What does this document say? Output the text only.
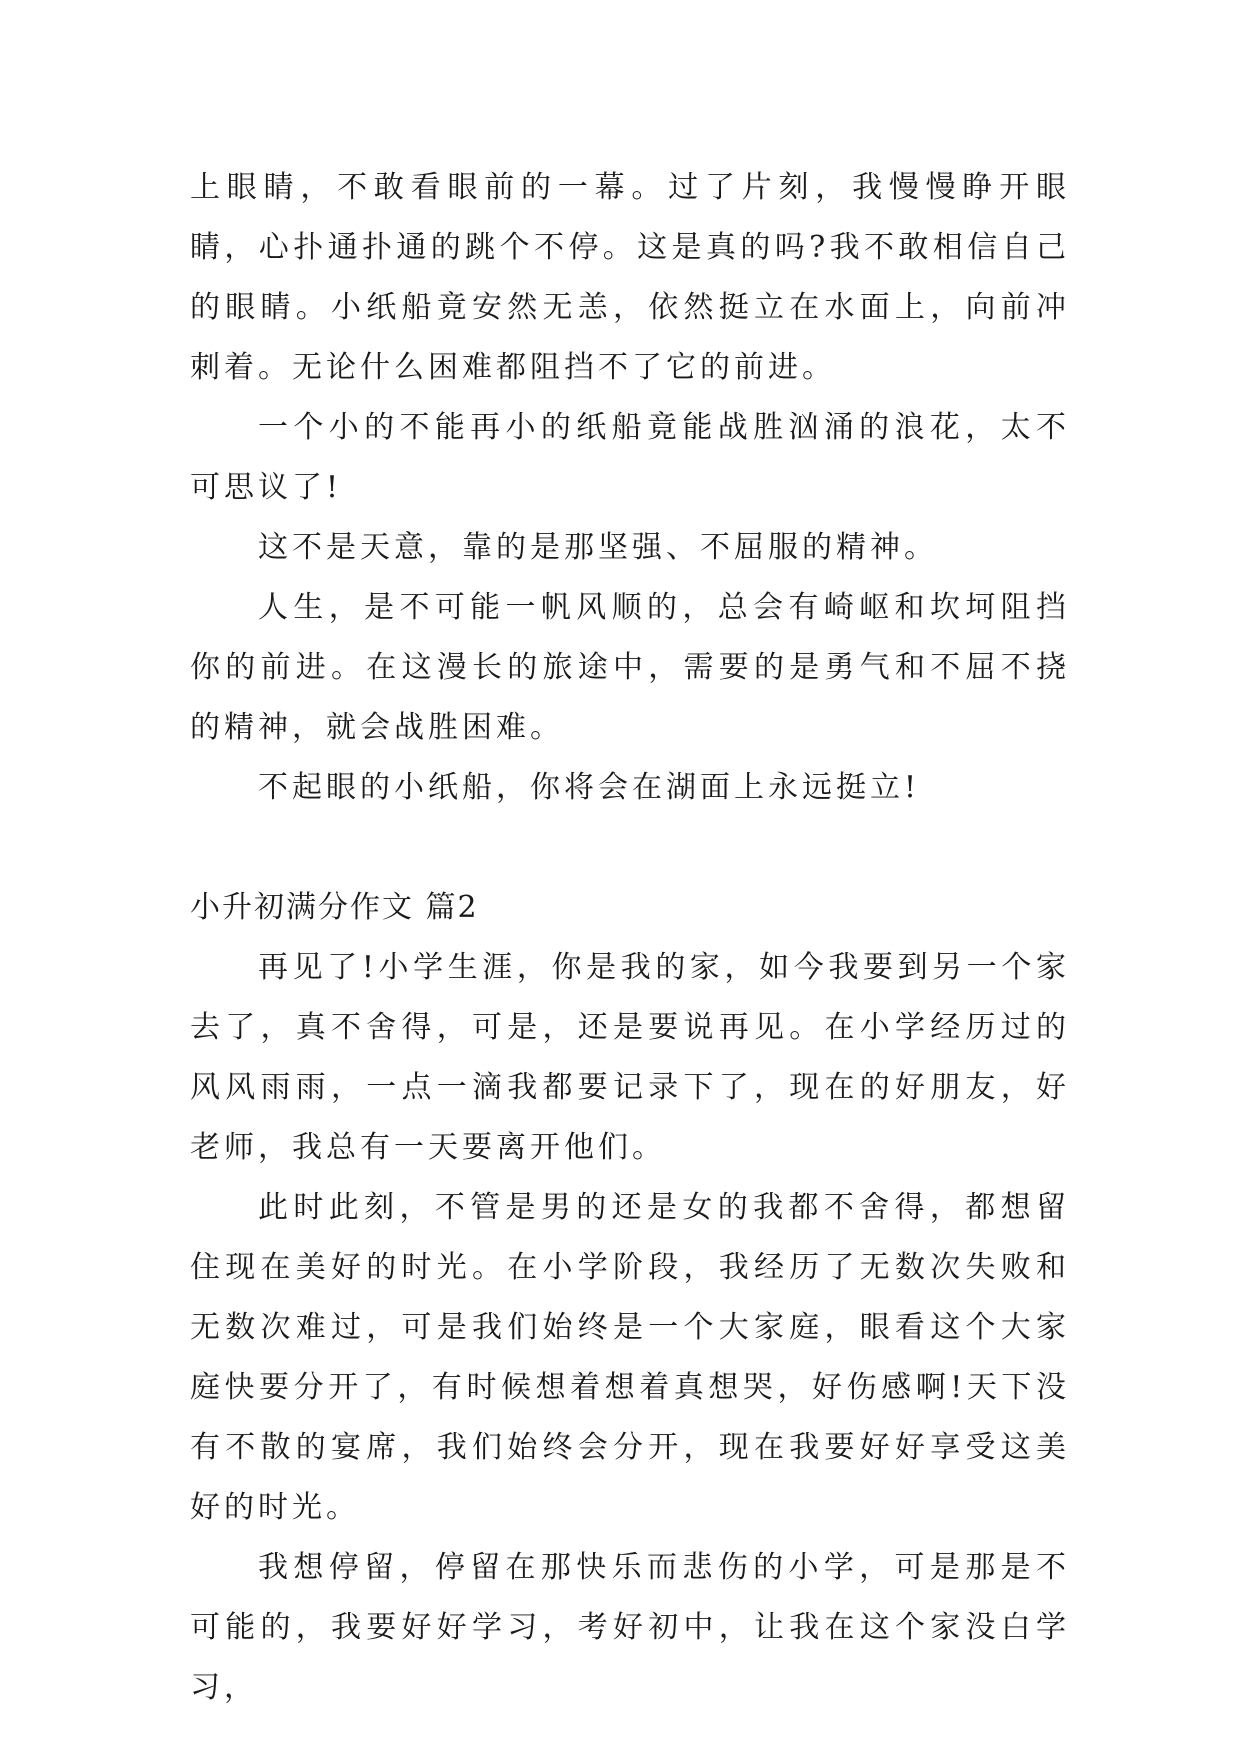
上眼睛，不敢看眼前的一幕。过了片刻，我慢慢睁开眼睛，心扑通扑通的跳个不停。这是真的吗?我不敢相信自己的眼睛。小纸船竟安然无恙，依然挺立在水面上，向前冲刺着。无论什么困难都阻挡不了它的前进。

一个小的不能再小的纸船竟能战胜汹涌的浪花，太不可思议了!

这不是天意，靠的是那坚强、不屈服的精神。

人生，是不可能一帆风顺的，总会有崎岖和坎坷阻挡你的前进。在这漫长的旅途中，需要的是勇气和不屈不挠的精神，就会战胜困难。

不起眼的小纸船，你将会在湖面上永远挺立!

小升初满分作文 篇2

再见了!小学生涯，你是我的家，如今我要到另一个家去了，真不舍得，可是，还是要说再见。在小学经历过的风风雨雨，一点一滴我都要记录下了，现在的好朋友，好老师，我总有一天要离开他们。

此时此刻，不管是男的还是女的我都不舍得，都想留住现在美好的时光。在小学阶段，我经历了无数次失败和无数次难过，可是我们始终是一个大家庭，眼看这个大家庭快要分开了，有时候想着想着真想哭，好伤感啊!天下没有不散的宴席，我们始终会分开，现在我要好好享受这美好的时光。

我想停留，停留在那快乐而悲伤的小学，可是那是不可能的，我要好好学习，考好初中，让我在这个家没白学习，
